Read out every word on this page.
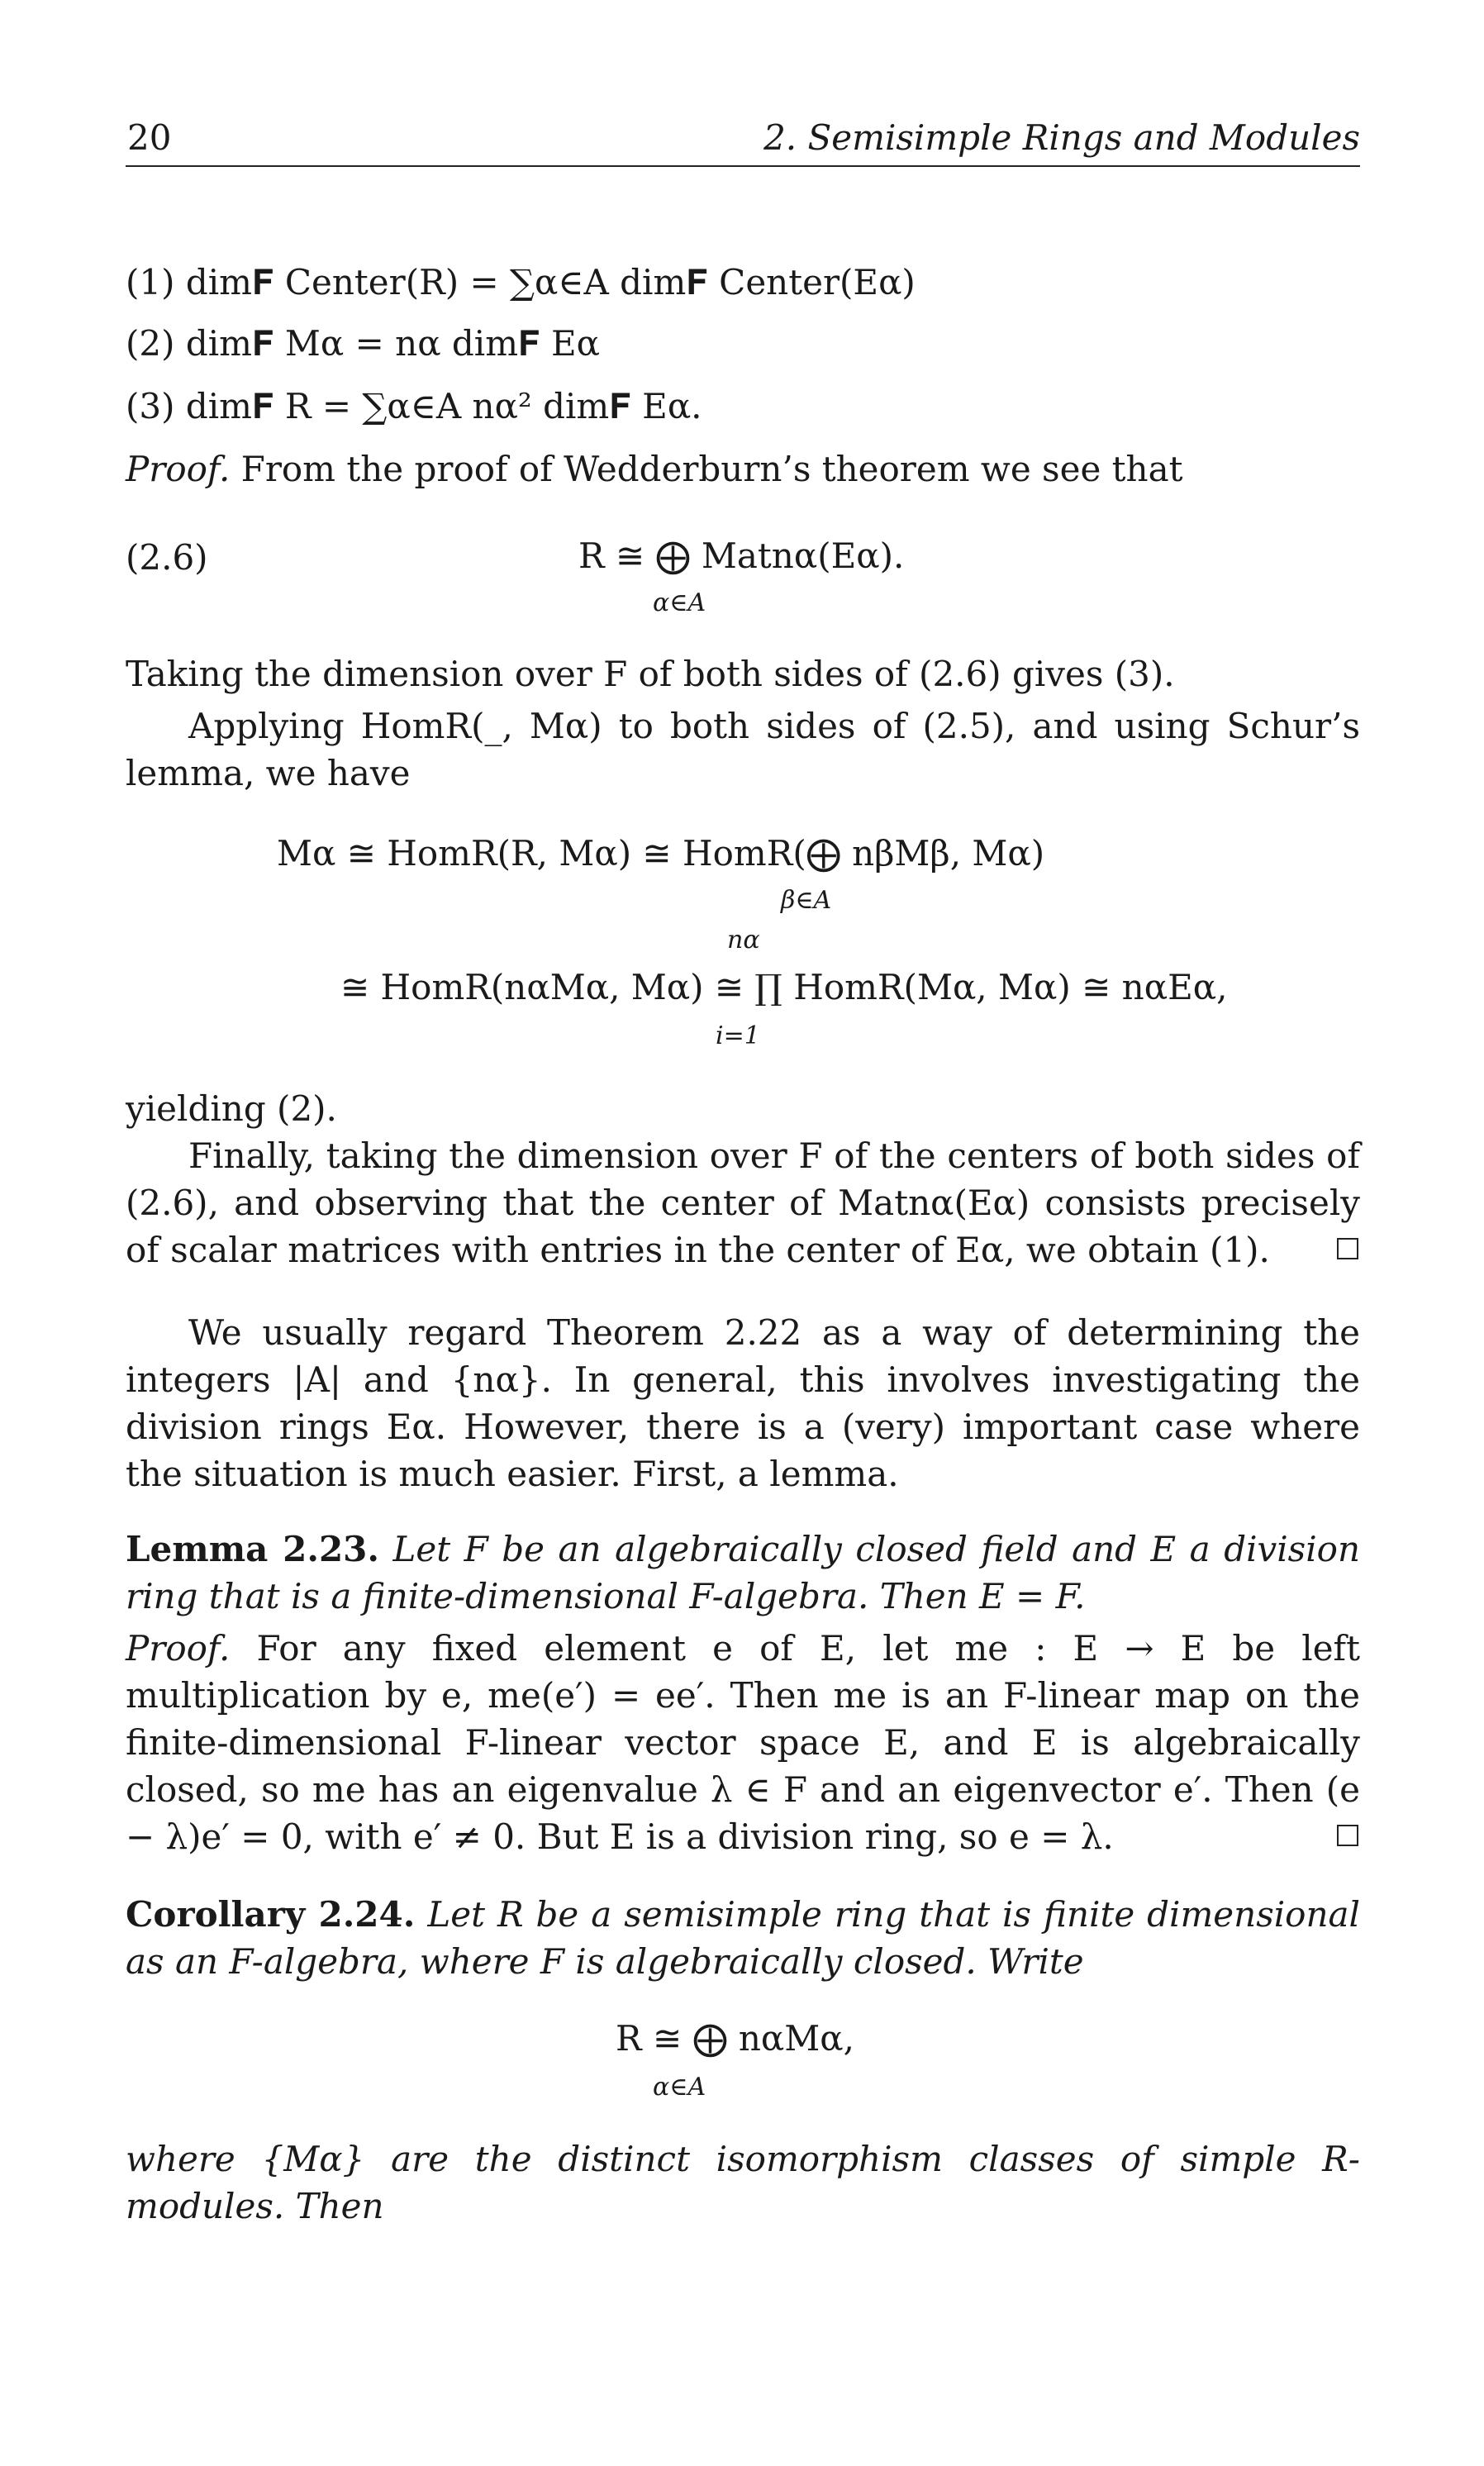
20	2. Semisimple Rings and Modules
(1) dim𝐅 Center(R) = ∑α∈A dim𝐅 Center(Eα)
(2) dim𝐅 Mα = nα dim𝐅 Eα
(3) dim𝐅 R = ∑α∈A nα² dim𝐅 Eα.
Proof. From the proof of Wedderburn’s theorem we see that
(2.6)	R ≅ ⨁ Matnα(Eα).
α∈A
Taking the dimension over F of both sides of (2.6) gives (3).
Applying HomR(_, Mα) to both sides of (2.5), and using Schur’s lemma, we have
Mα ≅ HomR(R, Mα) ≅ HomR(⨁ nβMβ, Mα)
β∈A
nα
≅ HomR(nαMα, Mα) ≅ ∏ HomR(Mα, Mα) ≅ nαEα,
i=1
yielding (2).
Finally, taking the dimension over F of the centers of both sides of (2.6), and observing that the center of Matnα(Eα) consists precisely of scalar matrices with entries in the center of Eα, we obtain (1).
We usually regard Theorem 2.22 as a way of determining the integers |A| and {nα}. In general, this involves investigating the division rings Eα. However, there is a (very) important case where the situation is much easier. First, a lemma.
Lemma 2.23. Let F be an algebraically closed field and E a division ring that is a finite-dimensional F-algebra. Then E = F.
Proof. For any fixed element e of E, let me : E → E be left multiplication by e, me(e′) = ee′. Then me is an F-linear map on the finite-dimensional F-linear vector space E, and E is algebraically closed, so me has an eigenvalue λ ∈ F and an eigenvector e′. Then (e − λ)e′ = 0, with e′ ≠ 0. But E is a division ring, so e = λ.
Corollary 2.24. Let R be a semisimple ring that is finite dimensional as an F-algebra, where F is algebraically closed. Write
R ≅ ⨁ nαMα,
α∈A
where {Mα} are the distinct isomorphism classes of simple R-modules. Then
